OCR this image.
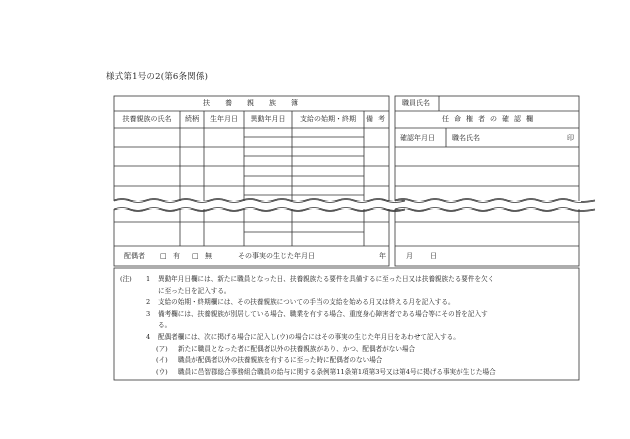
様式第1号の2(第6条関係)
扶養親族簿	職員氏名
扶養親族の氏名 続柄 生年月日 異動年月日 支給の始期・終期 備考	任命権者の確認欄
確認年月日 職名氏名	印
配偶者 □ 有 □ 無	その事実の生じた年月日	年	月 日
(注) 1 異動年月日欄には、新たに職員となった日、扶養親族たる要件を具備するに至った日又は扶養親族たる要件を欠く
に至った日を記入する。
2 支給の始期・終期欄には、その扶養親族についての手当の支給を始める月又は終える月を記入する。
3 備考欄には、扶養親族が別居している場合、職業を有する場合、重度身心障害者である場合等にその旨を記入す
る。
4 配偶者欄には、次に掲げる場合に記入し(ウ)の場合にはその事実の生じた年月日をあわせて記入する。
(ア) 新たに職員となった者に配偶者以外の扶養親族があり、かつ、配偶者がない場合
(イ) 職員が配偶者以外の扶養親族を有するに至った時に配偶者のない場合
(ウ) 職員に邑智郡総合事務組合職員の給与に関する条例第11条第1項第3号又は第4号に掲げる事実が生じた場合
